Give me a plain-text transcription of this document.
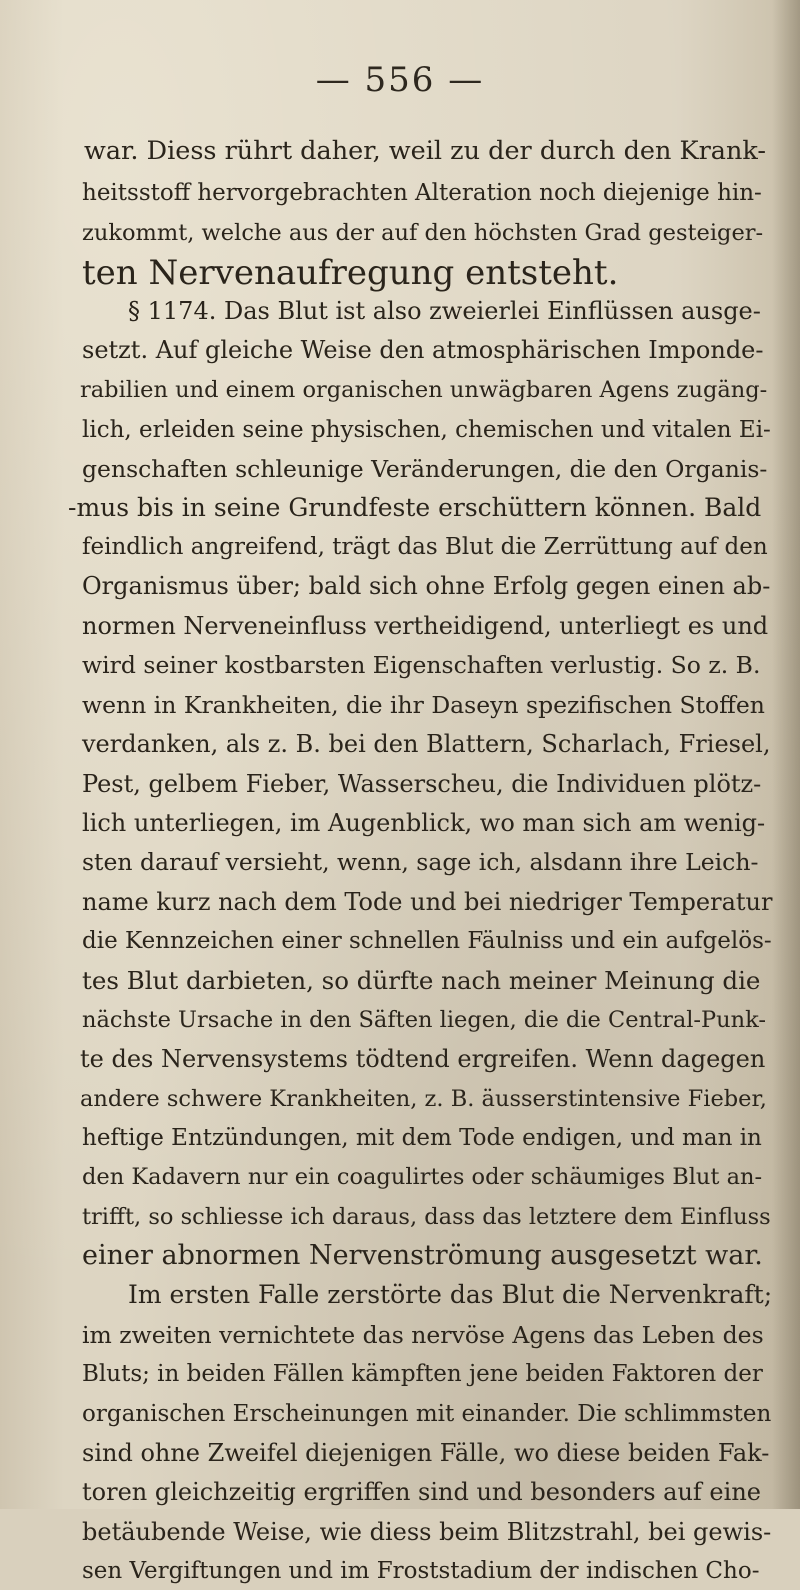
— 556 —
war. Diess rührt daher, weil zu der durch den Krank-
heitsstoff hervorgebrachten Alteration noch diejenige hin-
zukommt, welche aus der auf den höchsten Grad gesteiger-
ten Nervenaufregung entsteht.
§ 1174. Das Blut ist also zweierlei Einflüssen ausge-
setzt. Auf gleiche Weise den atmosphärischen Imponde-
rabilien und einem organischen unwägbaren Agens zugäng-
lich, erleiden seine physischen, chemischen und vitalen Ei-
genschaften schleunige Veränderungen, die den Organis-
-mus bis in seine Grundfeste erschüttern können. Bald
feindlich angreifend, trägt das Blut die Zerrüttung auf den
Organismus über; bald sich ohne Erfolg gegen einen ab-
normen Nerveneinfluss vertheidigend, unterliegt es und
wird seiner kostbarsten Eigenschaften verlustig. So z. B.
wenn in Krankheiten, die ihr Daseyn spezifischen Stoffen
verdanken, als z. B. bei den Blattern, Scharlach, Friesel,
Pest, gelbem Fieber, Wasserscheu, die Individuen plötz-
lich unterliegen, im Augenblick, wo man sich am wenig-
sten darauf versieht, wenn, sage ich, alsdann ihre Leich-
name kurz nach dem Tode und bei niedriger Temperatur
die Kennzeichen einer schnellen Fäulniss und ein aufgelös-
tes Blut darbieten, so dürfte nach meiner Meinung die
nächste Ursache in den Säften liegen, die die Central-Punk-
te des Nervensystems tödtend ergreifen. Wenn dagegen
andere schwere Krankheiten, z. B. äusserstintensive Fieber,
heftige Entzündungen, mit dem Tode endigen, und man in
den Kadavern nur ein coagulirtes oder schäumiges Blut an-
trifft, so schliesse ich daraus, dass das letztere dem Einfluss
einer abnormen Nervenströmung ausgesetzt war.
Im ersten Falle zerstörte das Blut die Nervenkraft;
im zweiten vernichtete das nervöse Agens das Leben des
Bluts; in beiden Fällen kämpften jene beiden Faktoren der
organischen Erscheinungen mit einander. Die schlimmsten
sind ohne Zweifel diejenigen Fälle, wo diese beiden Fak-
toren gleichzeitig ergriffen sind und besonders auf eine
betäubende Weise, wie diess beim Blitzstrahl, bei gewis-
sen Vergiftungen und im Froststadium der indischen Cho-
